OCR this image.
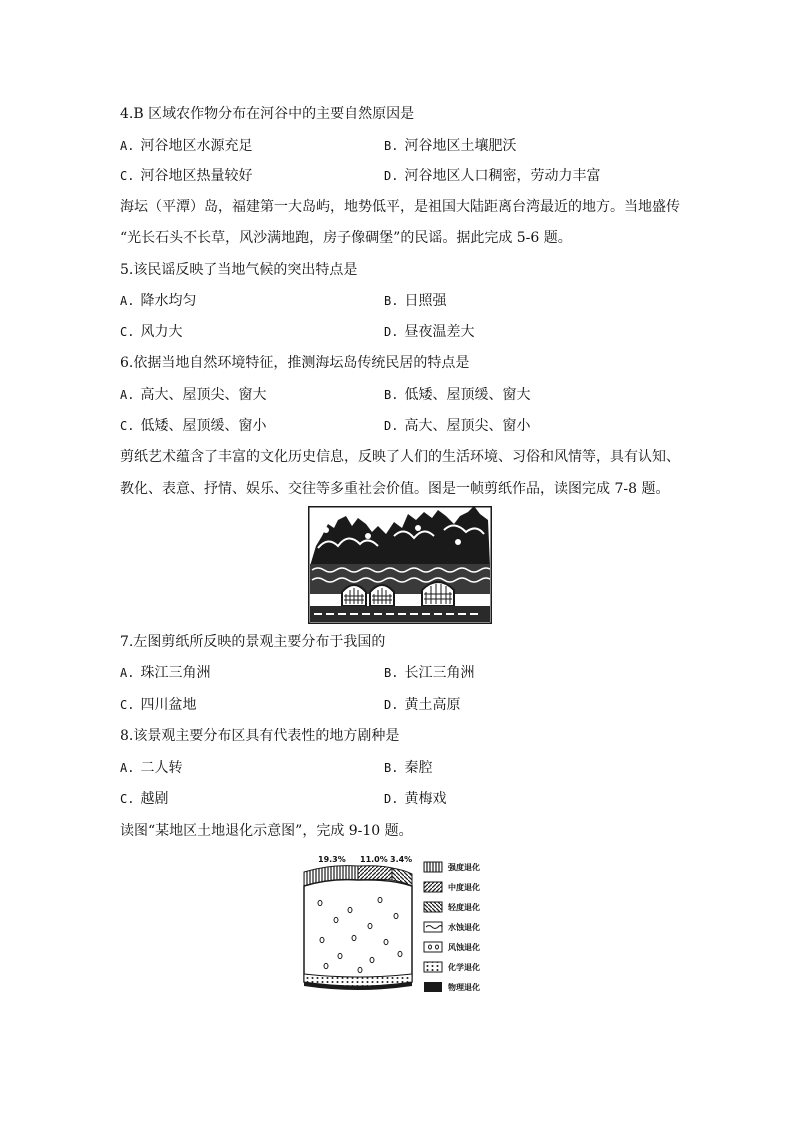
4.B 区域农作物分布在河谷中的主要自然原因是
A. 河谷地区水源充足	B. 河谷地区土壤肥沃
C. 河谷地区热量较好	D. 河谷地区人口稠密，劳动力丰富
海坛（平潭）岛，福建第一大岛屿，地势低平，是祖国大陆距离台湾最近的地方。当地盛传
“光长石头不长草，风沙满地跑，房子像碉堡”的民谣。据此完成 5-6 题。
5.该民谣反映了当地气候的突出特点是
A. 降水均匀	B. 日照强
C. 风力大	D. 昼夜温差大
6.依据当地自然环境特征，推测海坛岛传统民居的特点是
A. 高大、屋顶尖、窗大	B. 低矮、屋顶缓、窗大
C. 低矮、屋顶缓、窗小	D. 高大、屋顶尖、窗小
剪纸艺术蕴含了丰富的文化历史信息，反映了人们的生活环境、习俗和风情等，具有认知、
教化、表意、抒情、娱乐、交往等多重社会价值。图是一帧剪纸作品，读图完成 7-8 题。
7.左图剪纸所反映的景观主要分布于我国的
A. 珠江三角洲	B. 长江三角洲
C. 四川盆地	D. 黄土高原
8.该景观主要分布区具有代表性的地方剧种是
A. 二人转	B. 秦腔
C. 越剧	D. 黄梅戏
读图“某地区土地退化示意图”，完成 9-10 题。
19.3% 11.0% 3.4%
强度退化
中度退化
轻度退化
水蚀退化
风蚀退化
化学退化
物理退化
